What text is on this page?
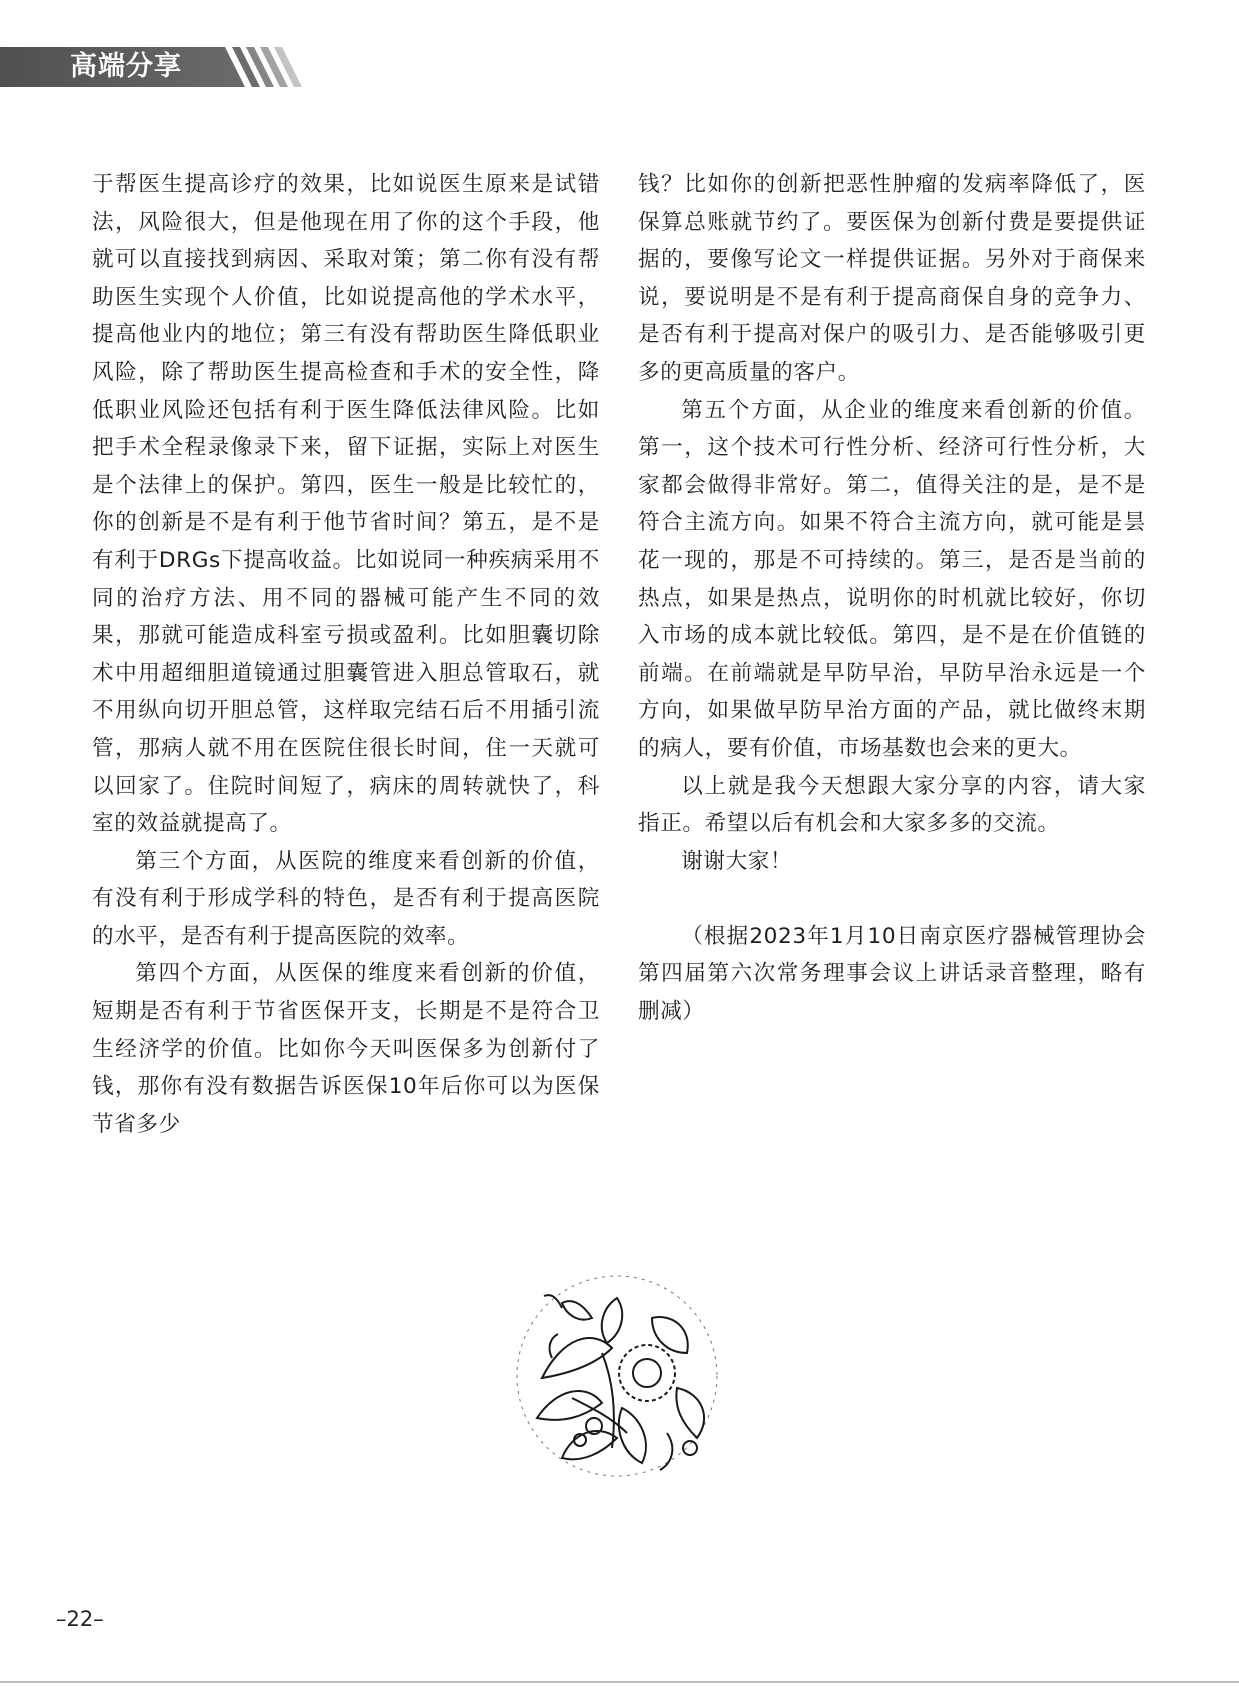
高端分享

于帮医生提高诊疗的效果，比如说医生原来是试错法，风险很大，但是他现在用了你的这个手段，他就可以直接找到病因、采取对策；第二你有没有帮助医生实现个人价值，比如说提高他的学术水平，提高他业内的地位；第三有没有帮助医生降低职业风险，除了帮助医生提高检查和手术的安全性，降低职业风险还包括有利于医生降低法律风险。比如把手术全程录像录下来，留下证据，实际上对医生是个法律上的保护。第四，医生一般是比较忙的，你的创新是不是有利于他节省时间？第五，是不是有利于DRGs下提高收益。比如说同一种疾病采用不同的治疗方法、用不同的器械可能产生不同的效果，那就可能造成科室亏损或盈利。比如胆囊切除术中用超细胆道镜通过胆囊管进入胆总管取石，就不用纵向切开胆总管，这样取完结石后不用插引流管，那病人就不用在医院住很长时间，住一天就可以回家了。住院时间短了，病床的周转就快了，科室的效益就提高了。

第三个方面，从医院的维度来看创新的价值，有没有利于形成学科的特色，是否有利于提高医院的水平，是否有利于提高医院的效率。

第四个方面，从医保的维度来看创新的价值，短期是否有利于节省医保开支，长期是不是符合卫生经济学的价值。比如你今天叫医保多为创新付了钱，那你有没有数据告诉医保10年后你可以为医保节省多少

钱？比如你的创新把恶性肿瘤的发病率降低了，医保算总账就节约了。要医保为创新付费是要提供证据的，要像写论文一样提供证据。另外对于商保来说，要说明是不是有利于提高商保自身的竞争力、是否有利于提高对保户的吸引力、是否能够吸引更多的更高质量的客户。

第五个方面，从企业的维度来看创新的价值。第一，这个技术可行性分析、经济可行性分析，大家都会做得非常好。第二，值得关注的是，是不是符合主流方向。如果不符合主流方向，就可能是昙花一现的，那是不可持续的。第三，是否是当前的热点，如果是热点，说明你的时机就比较好，你切入市场的成本就比较低。第四，是不是在价值链的前端。在前端就是早防早治，早防早治永远是一个方向，如果做早防早治方面的产品，就比做终末期的病人，要有价值，市场基数也会来的更大。

以上就是我今天想跟大家分享的内容，请大家指正。希望以后有机会和大家多多的交流。

谢谢大家！

（根据2023年1月10日南京医疗器械管理协会第四届第六次常务理事会议上讲话录音整理，略有删减）

–22–
